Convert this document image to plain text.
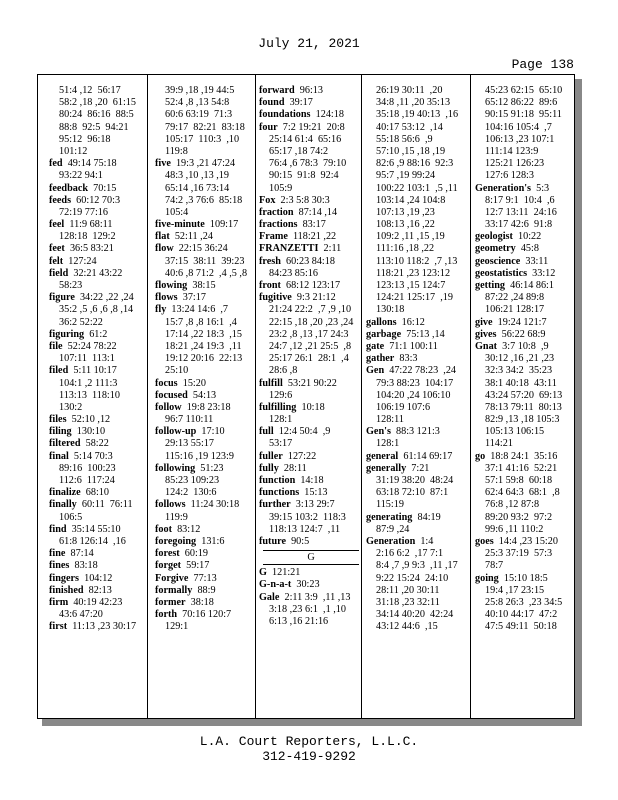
July 21, 2021
Page 138
51:4 ,12  56:17
58:2 ,18 ,20  61:15
80:24  86:16  88:5
88:8  92:5  94:21
95:12  96:18
101:12
fed  49:14 75:18
93:22 94:1
feedback  70:15
feeds  60:12 70:3
72:19 77:16
feel  11:9 68:11
128:18  129:2
feet  36:5 83:21
felt  127:24
field  32:21 43:22
58:23
figure  34:22 ,22 ,24
35:2 ,5 ,6 ,6 ,8 ,14
36:2 52:22
figuring  61:2
file  52:24 78:22
107:11  113:1
filed  5:11 10:17
104:1 ,2 111:3
113:13  118:10
130:2
files  52:10 ,12
filing  130:10
filtered  58:22
final  5:14 70:3
89:16  100:23
112:6  117:24
finalize  68:10
finally  60:11  76:11
106:5
find  35:14 55:10
61:8 126:14  ,16
fine  87:14
fines  83:18
fingers  104:12
finished  82:13
firm  40:19 42:23
43:6 47:20
first  11:13 ,23 30:17
39:9 ,18 ,19 44:5
52:4 ,8 ,13 54:8
60:6 63:19  71:3
79:17  82:21  83:18
105:17  110:3  ,10
119:8
five  19:3 ,21 47:24
48:3 ,10 ,13 ,19
65:14 ,16 73:14
74:2 ,3 76:6  85:18
105:4
five-minute  109:17
flat  52:11 ,24
flow  22:15 36:24
37:15  38:11  39:23
40:6 ,8 71:2  ,4 ,5 ,8
flowing  38:15
flows  37:17
fly  13:24 14:6  ,7
15:7 ,8 ,8 16:1  ,4
17:14 ,22 18:3  ,15
18:21 ,24 19:3  ,11
19:12 20:16  22:13
25:10
focus  15:20
focused  54:13
follow  19:8 23:18
96:7 110:11
follow-up  17:10
29:13 55:17
115:16 ,19 123:9
following  51:23
85:23 109:23
124:2  130:6
follows  11:24 30:18
119:9
foot  83:12
foregoing  131:6
forest  60:19
forget  59:17
Forgive  77:13
formally  88:9
former  38:18
forth  70:16 120:7
129:1
forward  96:13
found  39:17
foundations  124:18
four  7:2 19:21  20:8
25:14 61:4  65:16
65:17 ,18 74:2
76:4 ,6 78:3  79:10
90:15  91:8  92:4
105:9
Fox  2:3 5:8 30:3
fraction  87:14 ,14
fractions  83:17
Frame  118:21 ,22
FRANZETTI  2:11
fresh  60:23 84:18
84:23 85:16
front  68:12 123:17
fugitive  9:3 21:12
21:24 22:2  ,7 ,9 ,10
22:15 ,18 ,20 ,23 ,24
23:2 ,8 ,13 ,17 24:3
24:7 ,12 ,21 25:5  ,8
25:17 26:1  28:1  ,4
28:6 ,8
fulfill  53:21 90:22
129:6
fulfilling  10:18
128:1
full  12:4 50:4  ,9
53:17
fuller  127:22
fully  28:11
function  14:18
functions  15:13
further  3:13 29:7
39:15 103:2  118:3
118:13 124:7  ,11
future  90:5
G
G  121:21
G-n-a-t  30:23
Gale  2:11 3:9  ,11 ,13
3:18 ,23 6:1  ,1 ,10
6:13 ,16 21:16
26:19 30:11  ,20
34:8 ,11 ,20 35:13
35:18 ,19 40:13  ,16
40:17 53:12  ,14
55:18 56:6  ,9
57:10 ,15 ,18 ,19
82:6 ,9 88:16  92:3
95:7 ,19 99:24
100:22 103:1  ,5 ,11
103:14 ,24 104:8
107:13 ,19 ,23
108:13 ,16 ,22
109:2 ,11 ,15 ,19
111:16 ,18 ,22
113:10 118:2  ,7 ,13
118:21 ,23 123:12
123:13 ,15 124:7
124:21 125:17  ,19
130:18
gallons  16:12
garbage  75:13 ,14
gate  71:1 100:11
gather  83:3
Gen  47:22 78:23  ,24
79:3 88:23  104:17
104:20 ,24 106:10
106:19 107:6
128:11
Gen's  88:3 121:3
128:1
general  61:14 69:17
generally  7:21
31:19 38:20  48:24
63:18 72:10  87:1
115:19
generating  84:19
87:9 ,24
Generation  1:4
2:16 6:2  ,17 7:1
8:4 ,7 ,9 9:3  ,11 ,17
9:22 15:24  24:10
28:11 ,20 30:11
31:18 ,23 32:11
34:14 40:20  42:24
43:12 44:6  ,15
45:23 62:15  65:10
65:12 86:22  89:6
90:15 91:18  95:11
104:16 105:4  ,7
106:13 ,23 107:1
111:14 123:9
125:21 126:23
127:6 128:3
Generation's  5:3
8:17 9:1  10:4  ,6
12:7 13:11  24:16
33:17 42:6  91:8
geologist  10:22
geometry  45:8
geoscience  33:11
geostatistics  33:12
getting  46:14 86:1
87:22 ,24 89:8
106:21 128:17
give  19:24 121:7
gives  56:22 68:9
Gnat  3:7 10:8  ,9
30:12 ,16 ,21 ,23
32:3 34:2  35:23
38:1 40:18  43:11
43:24 57:20  69:13
78:13 79:11  80:13
82:9 ,13 ,18 105:3
105:13 106:15
114:21
go  18:8 24:1  35:16
37:1 41:16  52:21
57:1 59:8  60:18
62:4 64:3  68:1  ,8
76:8 ,12 87:8
89:20 93:2  97:2
99:6 ,11 110:2
goes  14:4 ,23 15:20
25:3 37:19  57:3
78:7
going  15:10 18:5
19:4 ,17 23:15
25:8 26:3  ,23 34:5
40:10 44:17  47:2
47:5 49:11  50:18
L.A. Court Reporters, L.L.C.
312-419-9292
